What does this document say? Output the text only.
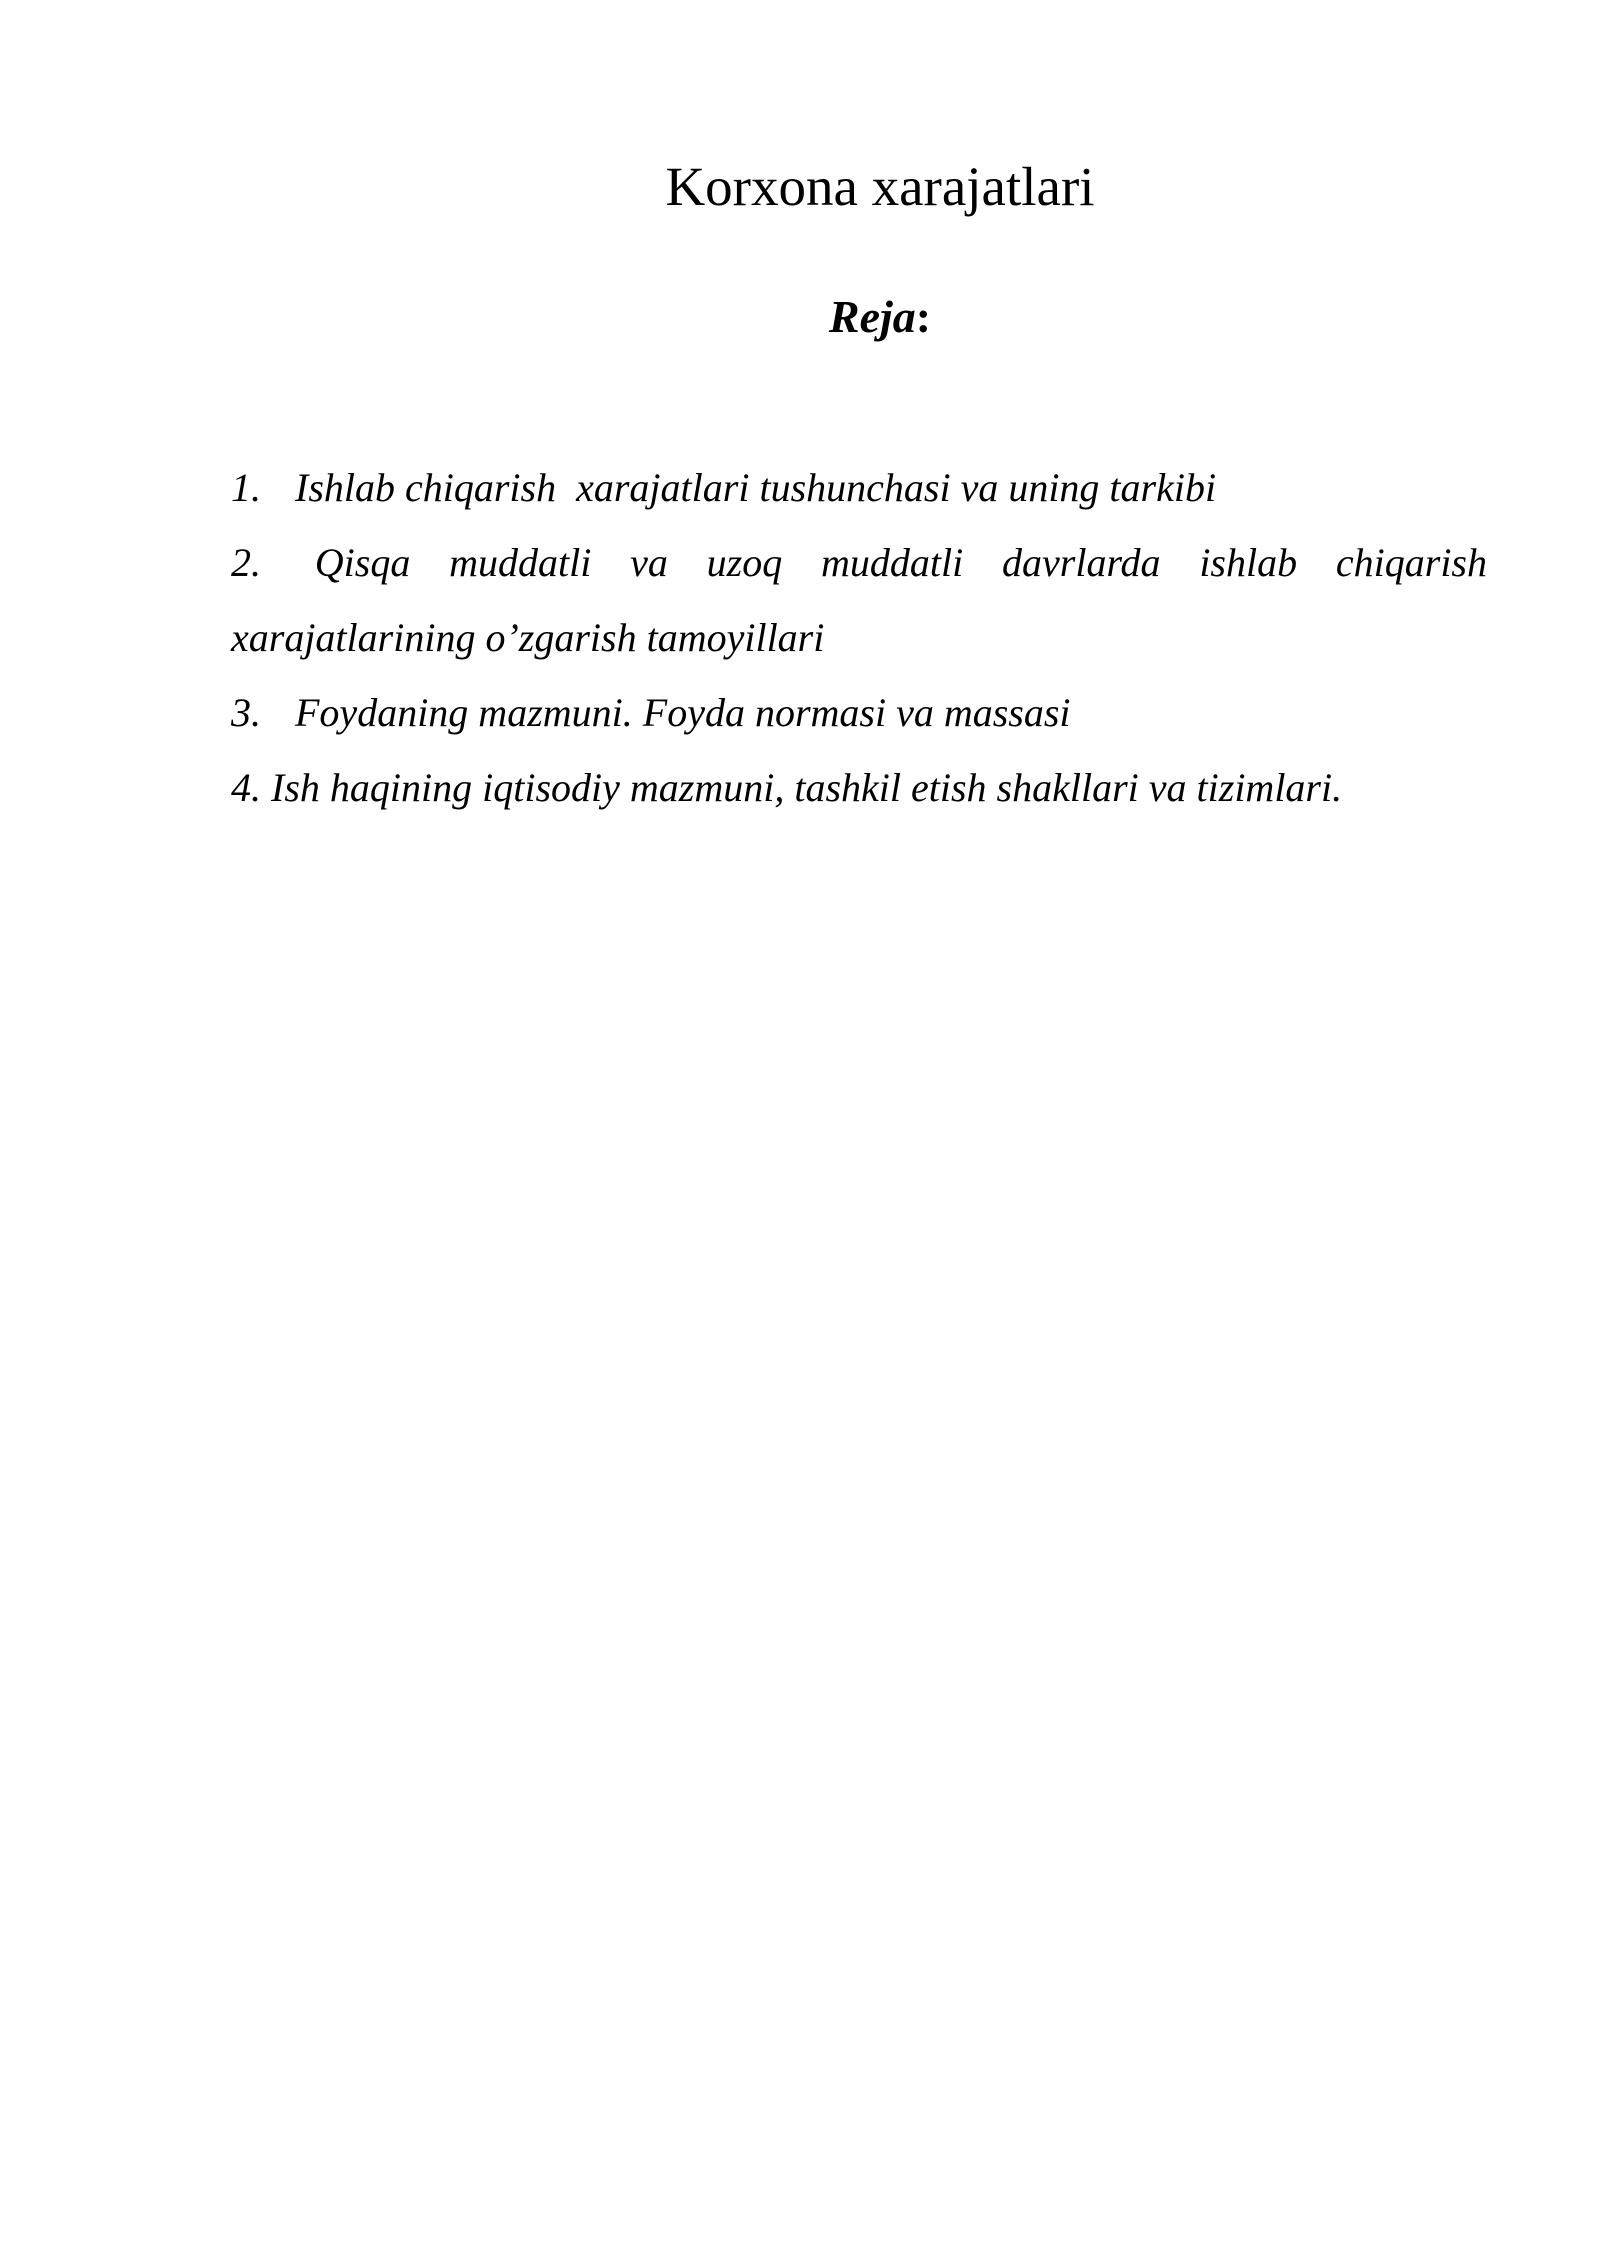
Korxona xarajatlari
Reja:

1. Ishlab chiqarish  xarajatlari tushunchasi va uning tarkibi

2. Qisqa muddatli va uzoq muddatli davrlarda ishlab chiqarish
xarajatlarining o’zgarish tamoyillari

3. Foydaning mazmuni. Foyda normasi va massasi

4. Ish haqining iqtisodiy mazmuni, tashkil etish shakllari va tizimlari.
